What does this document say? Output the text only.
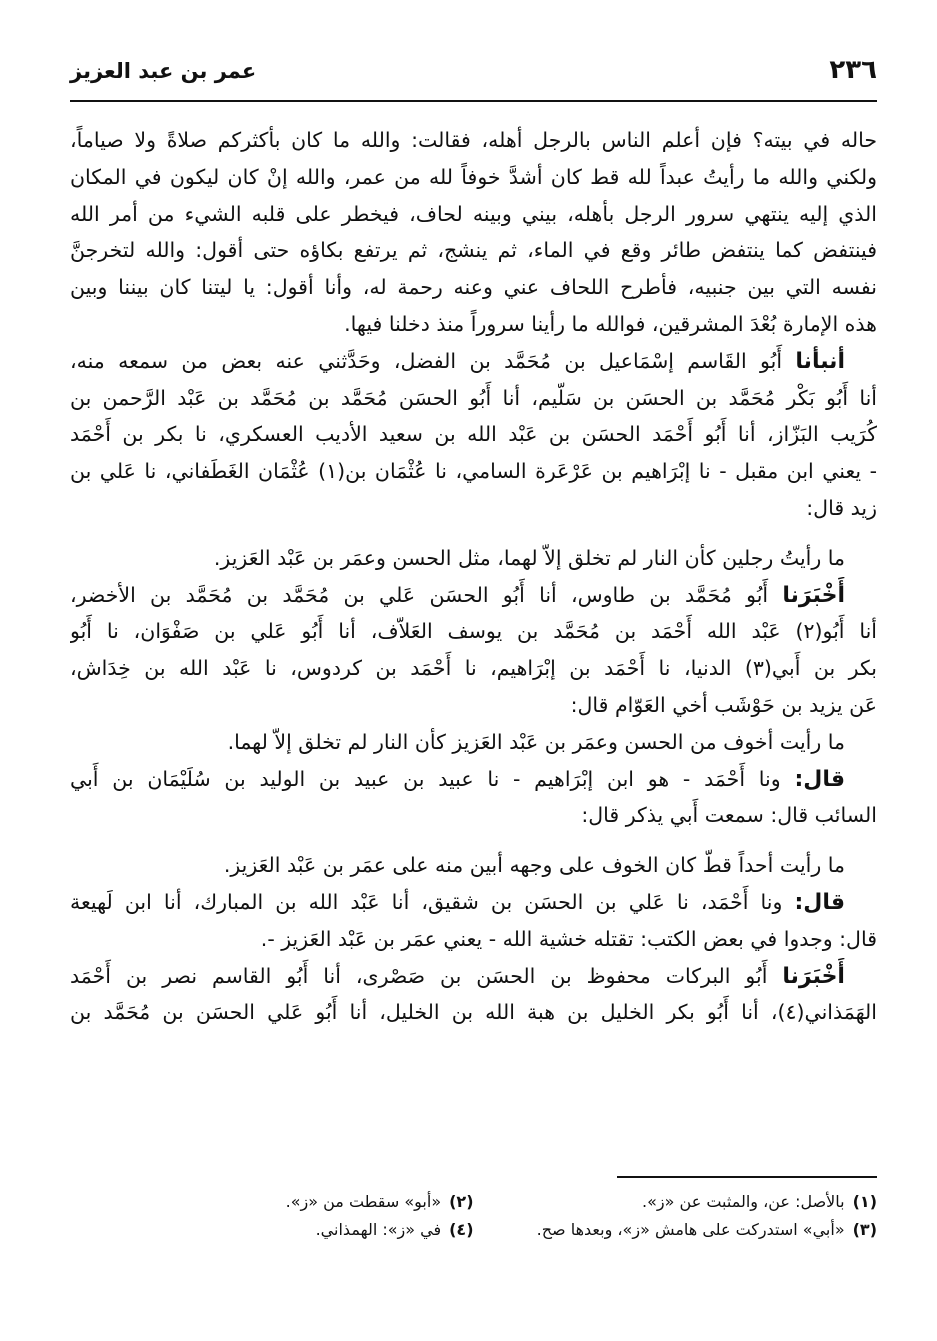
٢٣٦
عمر بن عبد العزيز
حاله في بيته؟ فإن أعلم الناس بالرجل أهله، فقالت: والله ما كان بأكثركم صلاةً ولا صياماً،
ولكني والله ما رأيتُ عبداً لله قط كان أشدَّ خوفاً لله من عمر، والله إنْ كان ليكون في المكان
الذي إليه ينتهي سرور الرجل بأهله، بيني وبينه لحاف، فيخطر على قلبه الشيء من أمر الله
فينتفض كما ينتفض طائر وقع في الماء، ثم ينشج، ثم يرتفع بكاؤه حتى أقول: والله لتخرجنَّ
نفسه التي بين جنبيه، فأطرح اللحاف عني وعنه رحمة له، وأنا أقول: يا ليتنا كان بيننا وبين
هذه الإمارة بُعْدَ المشرقين، فوالله ما رأينا سروراً منذ دخلنا فيها.
أنبأنا أَبُو القَاسم إسْمَاعيل بن مُحَمَّد بن الفضل، وحَدَّثني عنه بعض من سمعه منه،
أنا أَبُو بَكْر مُحَمَّد بن الحسَن بن سَلّيم، أنا أَبُو الحسَن مُحَمَّد بن مُحَمَّد بن عَبْد الرَّحمن بن
كُرَيب البَزّاز، أنا أَبُو أَحْمَد الحسَن بن عَبْد الله بن سعيد الأديب العسكري، نا بكر بن أَحْمَد
- يعني ابن مقبل - نا إبْرَاهيم بن عَرْعَرة السامي، نا عُثْمَان بن(١) عُثْمَان الغَطَفاني، نا عَلي بن
زيد قال:
ما رأيتُ رجلين كأن النار لم تخلق إلاّ لهما، مثل الحسن وعمَر بن عَبْد العَزيز.
أَخْبَرَنا أَبُو مُحَمَّد بن طاوس، أنا أَبُو الحسَن عَلي بن مُحَمَّد بن مُحَمَّد بن الأخضر،
أنا أَبُو(٢) عَبْد الله أَحْمَد بن مُحَمَّد بن يوسف العَلاّف، أنا أَبُو عَلي بن صَفْوَان، نا أَبُو
بكر بن أَبي(٣) الدنيا، نا أَحْمَد بن إبْرَاهيم، نا أَحْمَد بن كردوس، نا عَبْد الله بن خِدَاش،
عَن يزيد بن حَوْشَب أخي العَوّام قال:
ما رأيت أخوف من الحسن وعمَر بن عَبْد العَزيز كأن النار لم تخلق إلاّ لهما.
قال: ونا أَحْمَد - هو ابن إبْرَاهيم - نا عبيد بن عبيد بن الوليد بن سُلَيْمَان بن أَبي
السائب قال: سمعت أَبي يذكر قال:
ما رأيت أحداً قطّ كان الخوف على وجهه أبين منه على عمَر بن عَبْد العَزيز.
قال: ونا أَحْمَد، نا عَلي بن الحسَن بن شقيق، أنا عَبْد الله بن المبارك، أنا ابن لَهيعة
قال: وجدوا في بعض الكتب: تقتله خشية الله - يعني عمَر بن عَبْد العَزيز -.
أَخْبَرَنا أَبُو البركات محفوظ بن الحسَن بن صَصْرى، أنا أَبُو القاسم نصر بن أَحْمَد
الهَمَذاني(٤)، أنا أَبُو بكر الخليل بن هبة الله بن الخليل، أنا أَبُو عَلي الحسَن بن مُحَمَّد بن
(١)بالأصل: عن، والمثبت عن «ز».
(٢)«أبو» سقطت من «ز».
(٣)«أبي» استدركت على هامش «ز»، وبعدها صح.
(٤)في «ز»: الهمذاني.
